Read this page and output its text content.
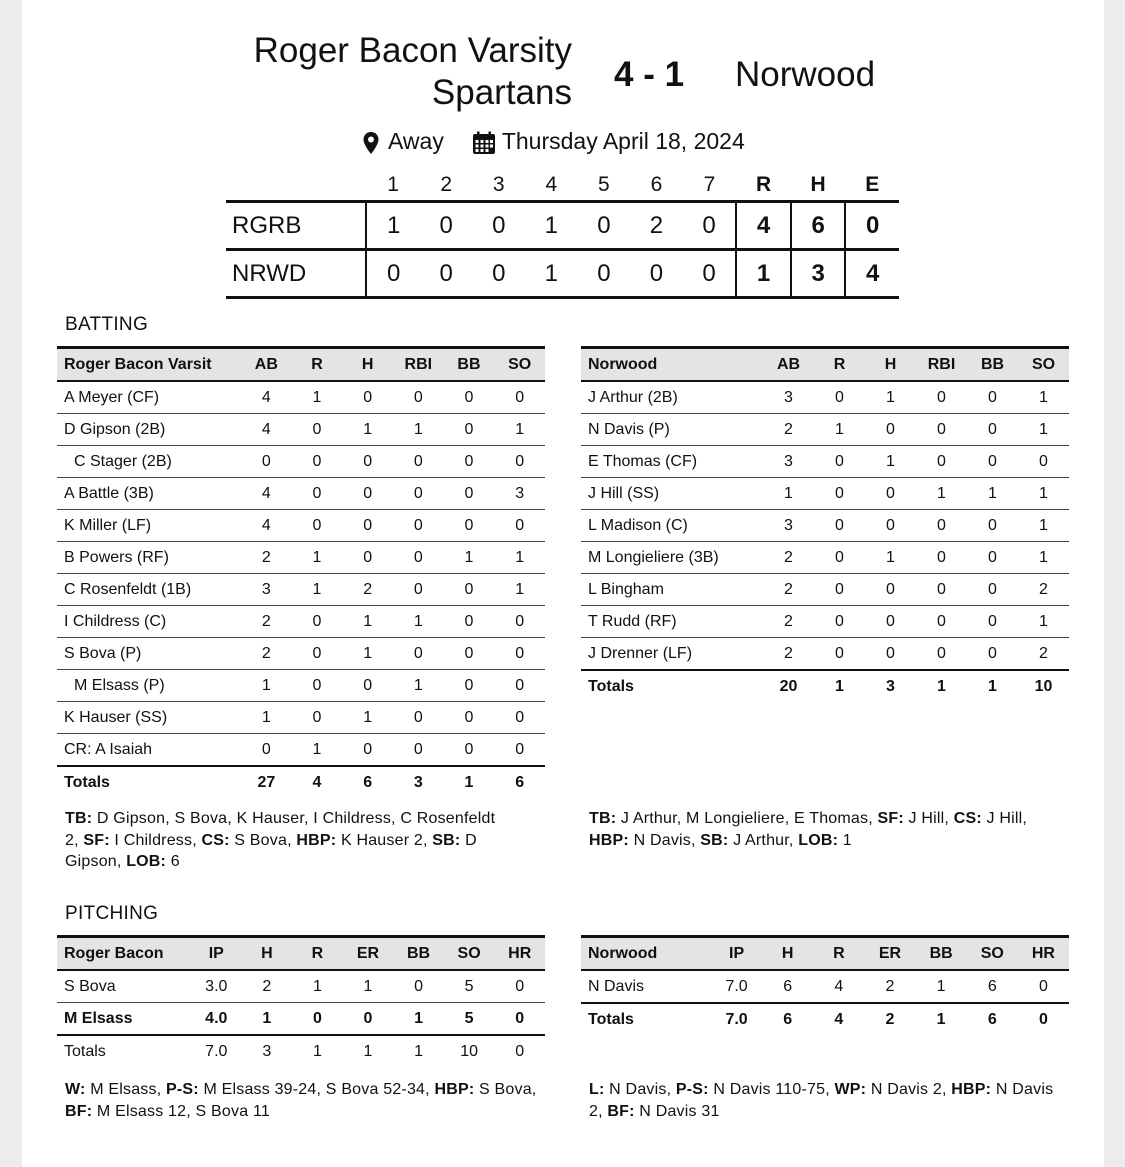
Roger Bacon Varsity
Spartans 4 - 1 Norwood
Away	Thursday April 18, 2024
	1	2	3	4	5	6	7	R	H	E
RGRB	1	0	0	1	0	2	0	4	6	0
NRWD	0	0	0	1	0	0	0	1	3	4
BATTING
Roger Bacon Varsit	AB	R	H	RBI	BB	SO
A Meyer (CF)	4	1	0	0	0	0
D Gipson (2B)	4	0	1	1	0	1
C Stager (2B)	0	0	0	0	0	0
A Battle (3B)	4	0	0	0	0	3
K Miller (LF)	4	0	0	0	0	0
B Powers (RF)	2	1	0	0	1	1
C Rosenfeldt (1B)	3	1	2	0	0	1
I Childress (C)	2	0	1	1	0	0
S Bova (P)	2	0	1	0	0	0
M Elsass (P)	1	0	0	1	0	0
K Hauser (SS)	1	0	1	0	0	0
CR: A Isaiah	0	1	0	0	0	0
Totals	27	4	6	3	1	6
Norwood	AB	R	H	RBI	BB	SO
J Arthur (2B)	3	0	1	0	0	1
N Davis (P)	2	1	0	0	0	1
E Thomas (CF)	3	0	1	0	0	0
J Hill (SS)	1	0	0	1	1	1
L Madison (C)	3	0	0	0	0	1
M Longieliere (3B)	2	0	1	0	0	1
L Bingham	2	0	0	0	0	2
T Rudd (RF)	2	0	0	0	0	1
J Drenner (LF)	2	0	0	0	0	2
Totals	20	1	3	1	1	10
TB: D Gipson, S Bova, K Hauser, I Childress, C Rosenfeldt 2, SF: I Childress, CS: S Bova, HBP: K Hauser 2, SB: D Gipson, LOB: 6
TB: J Arthur, M Longieliere, E Thomas, SF: J Hill, CS: J Hill, HBP: N Davis, SB: J Arthur, LOB: 1
PITCHING
Roger Bacon	IP	H	R	ER	BB	SO	HR
S Bova	3.0	2	1	1	0	5	0
M Elsass	4.0	1	0	0	1	5	0
Totals	7.0	3	1	1	1	10	0
Norwood	IP	H	R	ER	BB	SO	HR
N Davis	7.0	6	4	2	1	6	0
Totals	7.0	6	4	2	1	6	0
W: M Elsass, P-S: M Elsass 39-24, S Bova 52-34, HBP: S Bova, BF: M Elsass 12, S Bova 11
L: N Davis, P-S: N Davis 110-75, WP: N Davis 2, HBP: N Davis 2, BF: N Davis 31
